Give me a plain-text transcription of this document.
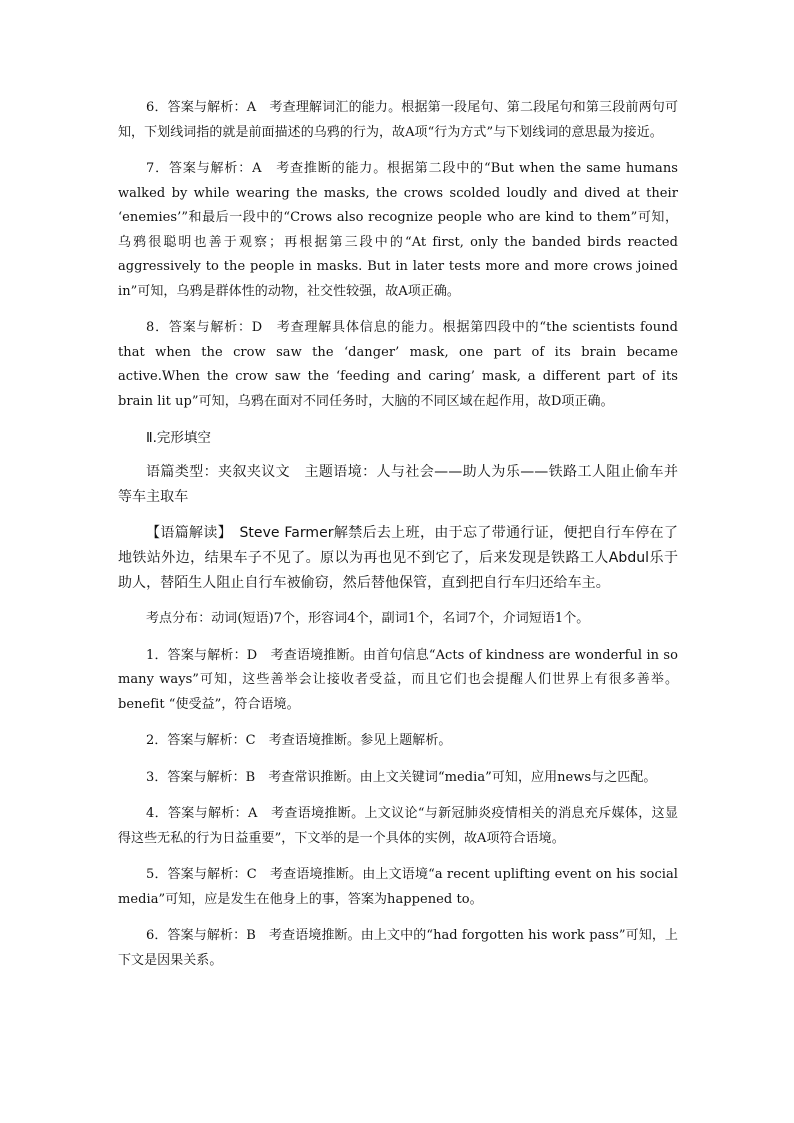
6．答案与解析：A　考查理解词汇的能力。根据第一段尾句、第二段尾句和第三段前两句可知，下划线词指的就是前面描述的乌鸦的行为，故A项“行为方式”与下划线词的意思最为接近。

7．答案与解析：A　考查推断的能力。根据第二段中的“But when the same humans walked by while wearing the masks, the crows scolded loudly and dived at their ‘enemies’”和最后一段中的“Crows also recognize people who are kind to them”可知，乌鸦很聪明也善于观察；再根据第三段中的“At first, only the banded birds reacted aggressively to the people in masks. But in later tests more and more crows joined in”可知，乌鸦是群体性的动物，社交性较强，故A项正确。

8．答案与解析：D　考查理解具体信息的能力。根据第四段中的“the scientists found that when the crow saw the ‘danger’ mask, one part of its brain became active.When the crow saw the ‘feeding and caring’ mask, a different part of its brain lit up”可知，乌鸦在面对不同任务时，大脑的不同区域在起作用，故D项正确。

Ⅱ.完形填空

语篇类型：夹叙夹议文　主题语境：人与社会——助人为乐——铁路工人阻止偷车并等车主取车

【语篇解读】　Steve Farmer解禁后去上班，由于忘了带通行证，便把自行车停在了地铁站外边，结果车子不见了。原以为再也见不到它了，后来发现是铁路工人Abdul乐于助人，替陌生人阻止自行车被偷窃，然后替他保管，直到把自行车归还给车主。

考点分布：动词(短语)7个，形容词4个，副词1个，名词7个，介词短语1个。

1．答案与解析：D　考查语境推断。由首句信息“Acts of kindness are wonderful in so many ways”可知，这些善举会让接收者受益，而且它们也会提醒人们世界上有很多善举。benefit “使受益”，符合语境。

2．答案与解析：C　考查语境推断。参见上题解析。

3．答案与解析：B　考查常识推断。由上文关键词“media”可知，应用news与之匹配。

4．答案与解析：A　考查语境推断。上文议论“与新冠肺炎疫情相关的消息充斥媒体，这显得这些无私的行为日益重要”，下文举的是一个具体的实例，故A项符合语境。

5．答案与解析：C　考查语境推断。由上文语境“a recent uplifting event on his social media”可知，应是发生在他身上的事，答案为happened to。

6．答案与解析：B　考查语境推断。由上文中的“had forgotten his work pass”可知，上下文是因果关系。
